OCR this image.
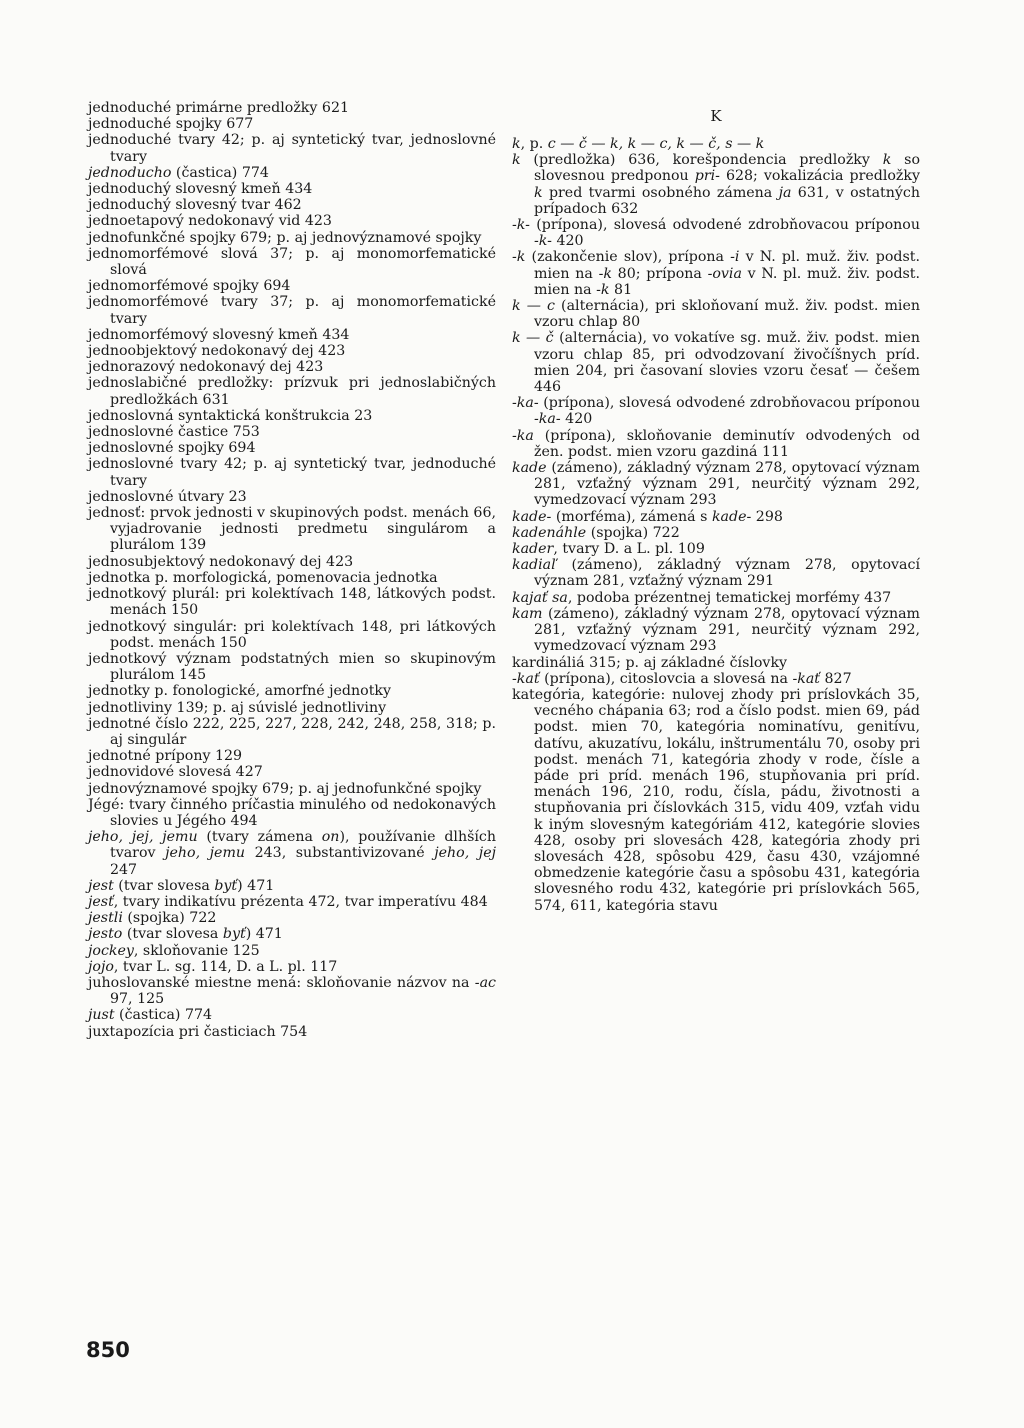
jednoduché primárne predložky 621
jednoduché spojky 677
jednoduché tvary 42; p. aj syntetický tvar, jednoslovné tvary
jednoducho (častica) 774
jednoduchý slovesný kmeň 434
jednoduchý slovesný tvar 462
jednoetapový nedokonavý vid 423
jednofunkčné spojky 679; p. aj jednovýznamové spojky
jednomorfémové slová 37; p. aj monomorfematické slová
jednomorfémové spojky 694
jednomorfémové tvary 37; p. aj monomorfematické tvary
jednomorfémový slovesný kmeň 434
jednoobjektový nedokonavý dej 423
jednorazový nedokonavý dej 423
jednoslabičné predložky: prízvuk pri jednoslabičných predložkách 631
jednoslovná syntaktická konštrukcia 23
jednoslovné častice 753
jednoslovné spojky 694
jednoslovné tvary 42; p. aj syntetický tvar, jednoduché tvary
jednoslovné útvary 23
jednosť: prvok jednosti v skupinových podst. menách 66, vyjadrovanie jednosti predmetu singulárom a plurálom 139
jednosubjektový nedokonavý dej 423
jednotka p. morfologická, pomenovacia jednotka
jednotkový plurál: pri kolektívach 148, látkových podst. menách 150
jednotkový singulár: pri kolektívach 148, pri látkových podst. menách 150
jednotkový význam podstatných mien so skupinovým plurálom 145
jednotky p. fonologické, amorfné jednotky
jednotliviny 139; p. aj súvislé jednotliviny
jednotné číslo 222, 225, 227, 228, 242, 248, 258, 318; p. aj singulár
jednotné prípony 129
jednovidové slovesá 427
jednovýznamové spojky 679; p. aj jednofunkčné spojky
Jégé: tvary činného príčastia minulého od nedokonavých slovies u Jégého 494
jeho, jej, jemu (tvary zámena on), používanie dlhších tvarov jeho, jemu 243, substantivizované jeho, jej 247
jest (tvar slovesa byť) 471
jesť, tvary indikatívu prézenta 472, tvar imperatívu 484
jestli (spojka) 722
jesto (tvar slovesa byť) 471
jockey, skloňovanie 125
jojo, tvar L. sg. 114, D. a L. pl. 117
juhoslovanské miestne mená: skloňovanie názvov na -ac 97, 125
just (častica) 774
juxtapozícia pri časticiach 754
K
k, p. c — č — k, k — c, k — č, s — k
k (predložka) 636, korešpondencia predložky k so slovesnou predponou pri- 628; vokalizácia predložky k pred tvarmi osobného zámena ja 631, v ostatných prípadoch 632
-k- (prípona), slovesá odvodené zdrobňovacou príponou -k- 420
-k (zakončenie slov), prípona -i v N. pl. muž. živ. podst. mien na -k 80; prípona -ovia v N. pl. muž. živ. podst. mien na -k 81
k — c (alternácia), pri skloňovaní muž. živ. podst. mien vzoru chlap 80
k — č (alternácia), vo vokatíve sg. muž. živ. podst. mien vzoru chlap 85, pri odvodzovaní živočíšnych príd. mien 204, pri časovaní slovies vzoru česať — češem 446
-ka- (prípona), slovesá odvodené zdrobňovacou príponou -ka- 420
-ka (prípona), skloňovanie deminutív odvodených od žen. podst. mien vzoru gazdiná 111
kade (zámeno), základný význam 278, opytovací význam 281, vzťažný význam 291, neurčitý význam 292, vymedzovací význam 293
kade- (morféma), zámená s kade- 298
kadenáhle (spojka) 722
kader, tvary D. a L. pl. 109
kadiaľ (zámeno), základný význam 278, opytovací význam 281, vzťažný význam 291
kajať sa, podoba prézentnej tematickej morfémy 437
kam (zámeno), základný význam 278, opytovací význam 281, vzťažný význam 291, neurčitý význam 292, vymedzovací význam 293
kardináliá 315; p. aj základné číslovky
-kať (prípona), citoslovcia a slovesá na -kať 827
kategória, kategórie: nulovej zhody pri príslovkách 35, vecného chápania 63; rod a číslo podst. mien 69, pád podst. mien 70, kategória nominatívu, genitívu, datívu, akuzatívu, lokálu, inštrumentálu 70, osoby pri podst. menách 71, kategória zhody v rode, čísle a páde pri príd. menách 196, stupňovania pri príd. menách 196, 210, rodu, čísla, pádu, životnosti a stupňovania pri číslovkách 315, vidu 409, vzťah vidu k iným slovesným kategóriám 412, kategórie slovies 428, osoby pri slovesách 428, kategória zhody pri slovesách 428, spôsobu 429, času 430, vzájomné obmedzenie kategórie času a spôsobu 431, kategória slovesného rodu 432, kategórie pri príslovkách 565, 574, 611, kategória stavu
850
